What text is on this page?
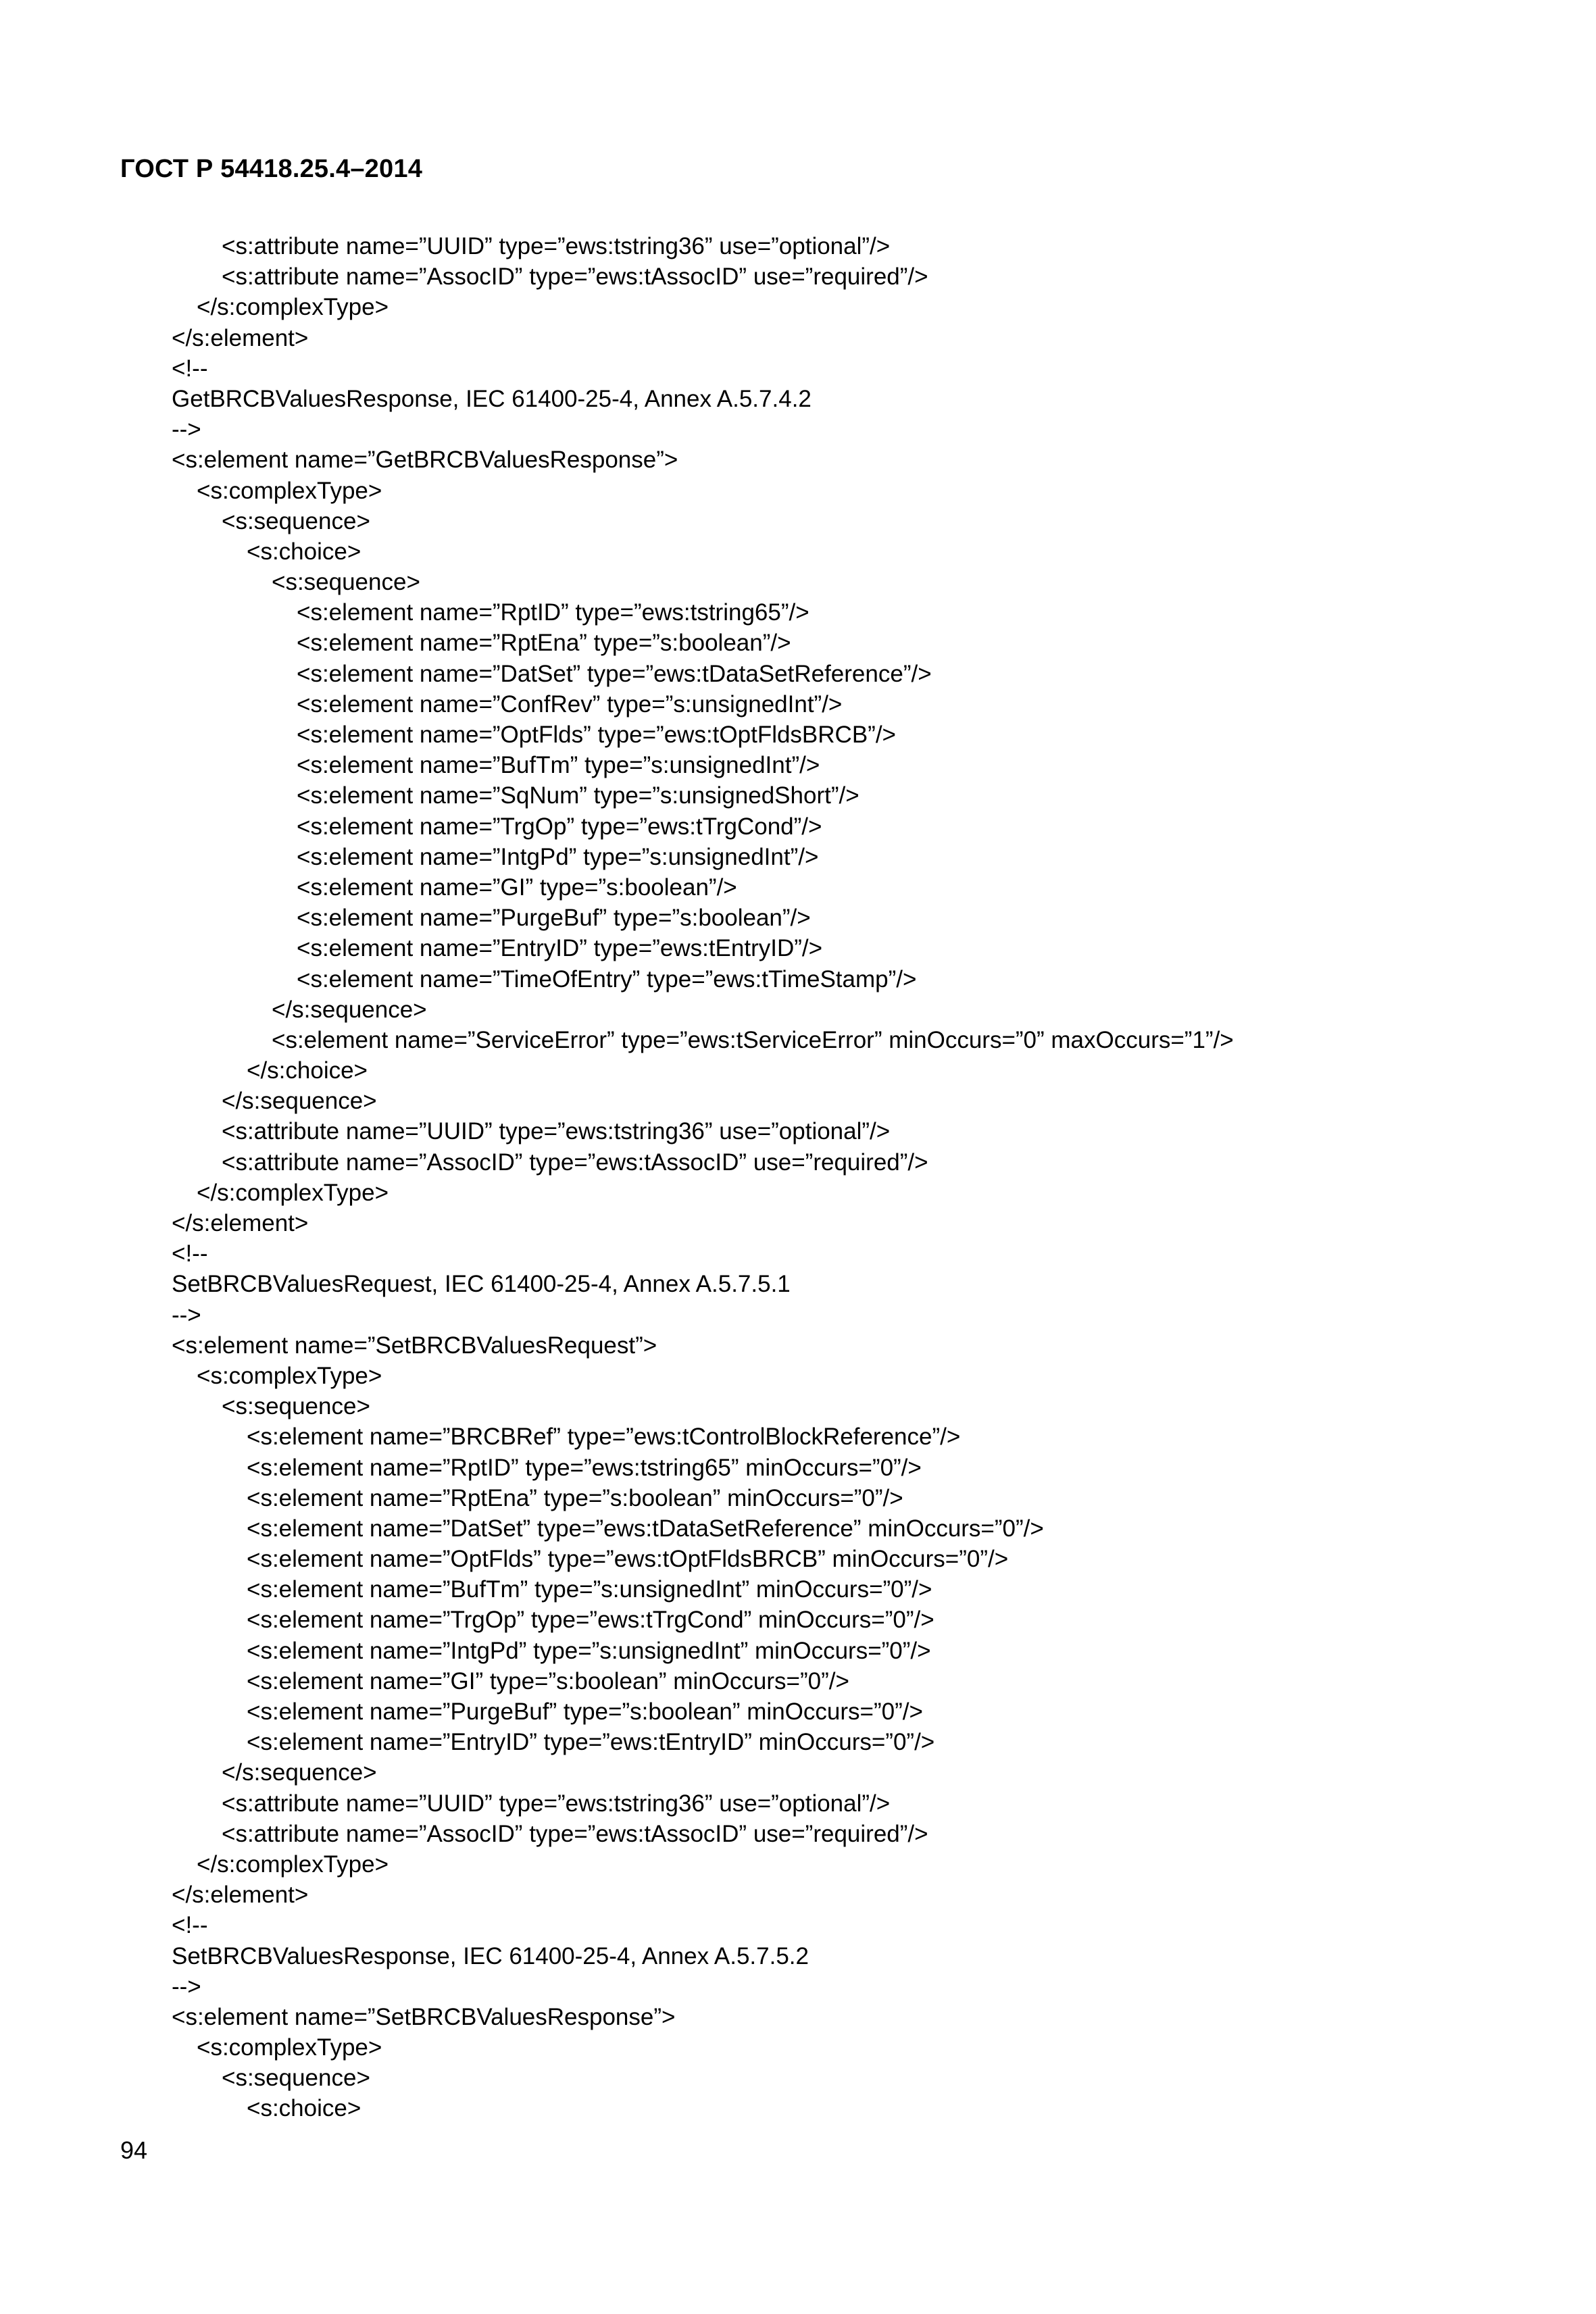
ГОСТ Р 54418.25.4–2014
<s:attribute name=”UUID” type=”ews:tstring36” use=”optional”/>
<s:attribute name=”AssocID” type=”ews:tAssocID” use=”required”/>
</s:complexType>
</s:element>
<!--
GetBRCBValuesResponse, IEC 61400-25-4, Annex A.5.7.4.2
-->
<s:element name=”GetBRCBValuesResponse”>
<s:complexType>
<s:sequence>
<s:choice>
<s:sequence>
<s:element name=”RptID” type=”ews:tstring65”/>
<s:element name=”RptEna” type=”s:boolean”/>
<s:element name=”DatSet” type=”ews:tDataSetReference”/>
<s:element name=”ConfRev” type=”s:unsignedInt”/>
<s:element name=”OptFlds” type=”ews:tOptFldsBRCB”/>
<s:element name=”BufTm” type=”s:unsignedInt”/>
<s:element name=”SqNum” type=”s:unsignedShort”/>
<s:element name=”TrgOp” type=”ews:tTrgCond”/>
<s:element name=”IntgPd” type=”s:unsignedInt”/>
<s:element name=”GI” type=”s:boolean”/>
<s:element name=”PurgeBuf” type=”s:boolean”/>
<s:element name=”EntryID” type=”ews:tEntryID”/>
<s:element name=”TimeOfEntry” type=”ews:tTimeStamp”/>
</s:sequence>
<s:element name=”ServiceError” type=”ews:tServiceError” minOccurs=”0” maxOccurs=”1”/>
</s:choice>
</s:sequence>
<s:attribute name=”UUID” type=”ews:tstring36” use=”optional”/>
<s:attribute name=”AssocID” type=”ews:tAssocID” use=”required”/>
</s:complexType>
</s:element>
<!--
SetBRCBValuesRequest, IEC 61400-25-4, Annex A.5.7.5.1
-->
<s:element name=”SetBRCBValuesRequest”>
<s:complexType>
<s:sequence>
<s:element name=”BRCBRef” type=”ews:tControlBlockReference”/>
<s:element name=”RptID” type=”ews:tstring65” minOccurs=”0”/>
<s:element name=”RptEna” type=”s:boolean” minOccurs=”0”/>
<s:element name=”DatSet” type=”ews:tDataSetReference” minOccurs=”0”/>
<s:element name=”OptFlds” type=”ews:tOptFldsBRCB” minOccurs=”0”/>
<s:element name=”BufTm” type=”s:unsignedInt” minOccurs=”0”/>
<s:element name=”TrgOp” type=”ews:tTrgCond” minOccurs=”0”/>
<s:element name=”IntgPd” type=”s:unsignedInt” minOccurs=”0”/>
<s:element name=”GI” type=”s:boolean” minOccurs=”0”/>
<s:element name=”PurgeBuf” type=”s:boolean” minOccurs=”0”/>
<s:element name=”EntryID” type=”ews:tEntryID” minOccurs=”0”/>
</s:sequence>
<s:attribute name=”UUID” type=”ews:tstring36” use=”optional”/>
<s:attribute name=”AssocID” type=”ews:tAssocID” use=”required”/>
</s:complexType>
</s:element>
<!--
SetBRCBValuesResponse, IEC 61400-25-4, Annex A.5.7.5.2
-->
<s:element name=”SetBRCBValuesResponse”>
<s:complexType>
<s:sequence>
<s:choice>
94
